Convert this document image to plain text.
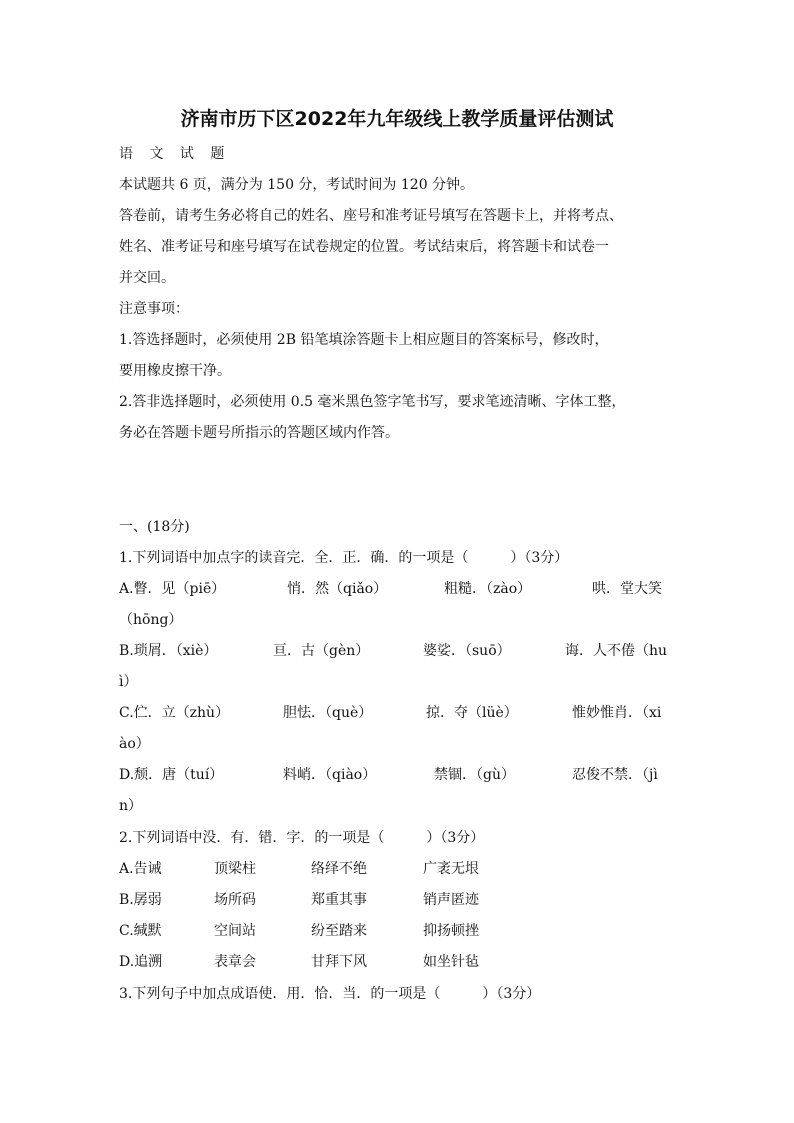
济南市历下区2022年九年级线上教学质量评估测试
语 文 试 题
本试题共 6 页，满分为 150 分，考试时间为 120 分钟。
答卷前，请考生务必将自己的姓名、座号和准考证号填写在答题卡上，并将考点、
姓名、准考证号和座号填写在试卷规定的位置。考试结束后，将答题卡和试卷一
并交回。
注意事项：
1.答选择题时，必须使用 2B 铅笔填涂答题卡上相应题目的答案标号，修改时，
要用橡皮擦干净。
2.答非选择题时，必须使用 0.5 毫米黑色签字笔书写，要求笔迹清晰、字体工整，
务必在答题卡题号所指示的答题区域内作答。
一、(18分)
1.下列词语中加点字的读音完．全．正．确．的一项是（　　　）（3分）
A.瞥．见（piē）	悄．然（qiǎo）	粗糙．（zào）	哄．堂大笑
（hōng）
B.琐屑．（xiè）	亘．古（gèn）	婆娑．（suō）	诲．人不倦（hu
ì）
C.伫．立（zhù）	胆怯．（què）	掠．夺（lüè）	惟妙惟肖．（xi
ào）
D.颓．唐（tuí）	料峭．（qiào）	禁锢．（gù）	忍俊不禁．（jì
n）
2.下列词语中没．有．错．字．的一项是（　　　）（3分）
A.告诫	顶梁柱	络绎不绝	广袤无垠
B.孱弱	场所码	郑重其事	销声匿迹
C.缄默	空间站	纷至踏来	抑扬顿挫
D.追溯	表章会	甘拜下风	如坐针毡
3.下列句子中加点成语使．用．恰．当．的一项是（　　　）（3分）
